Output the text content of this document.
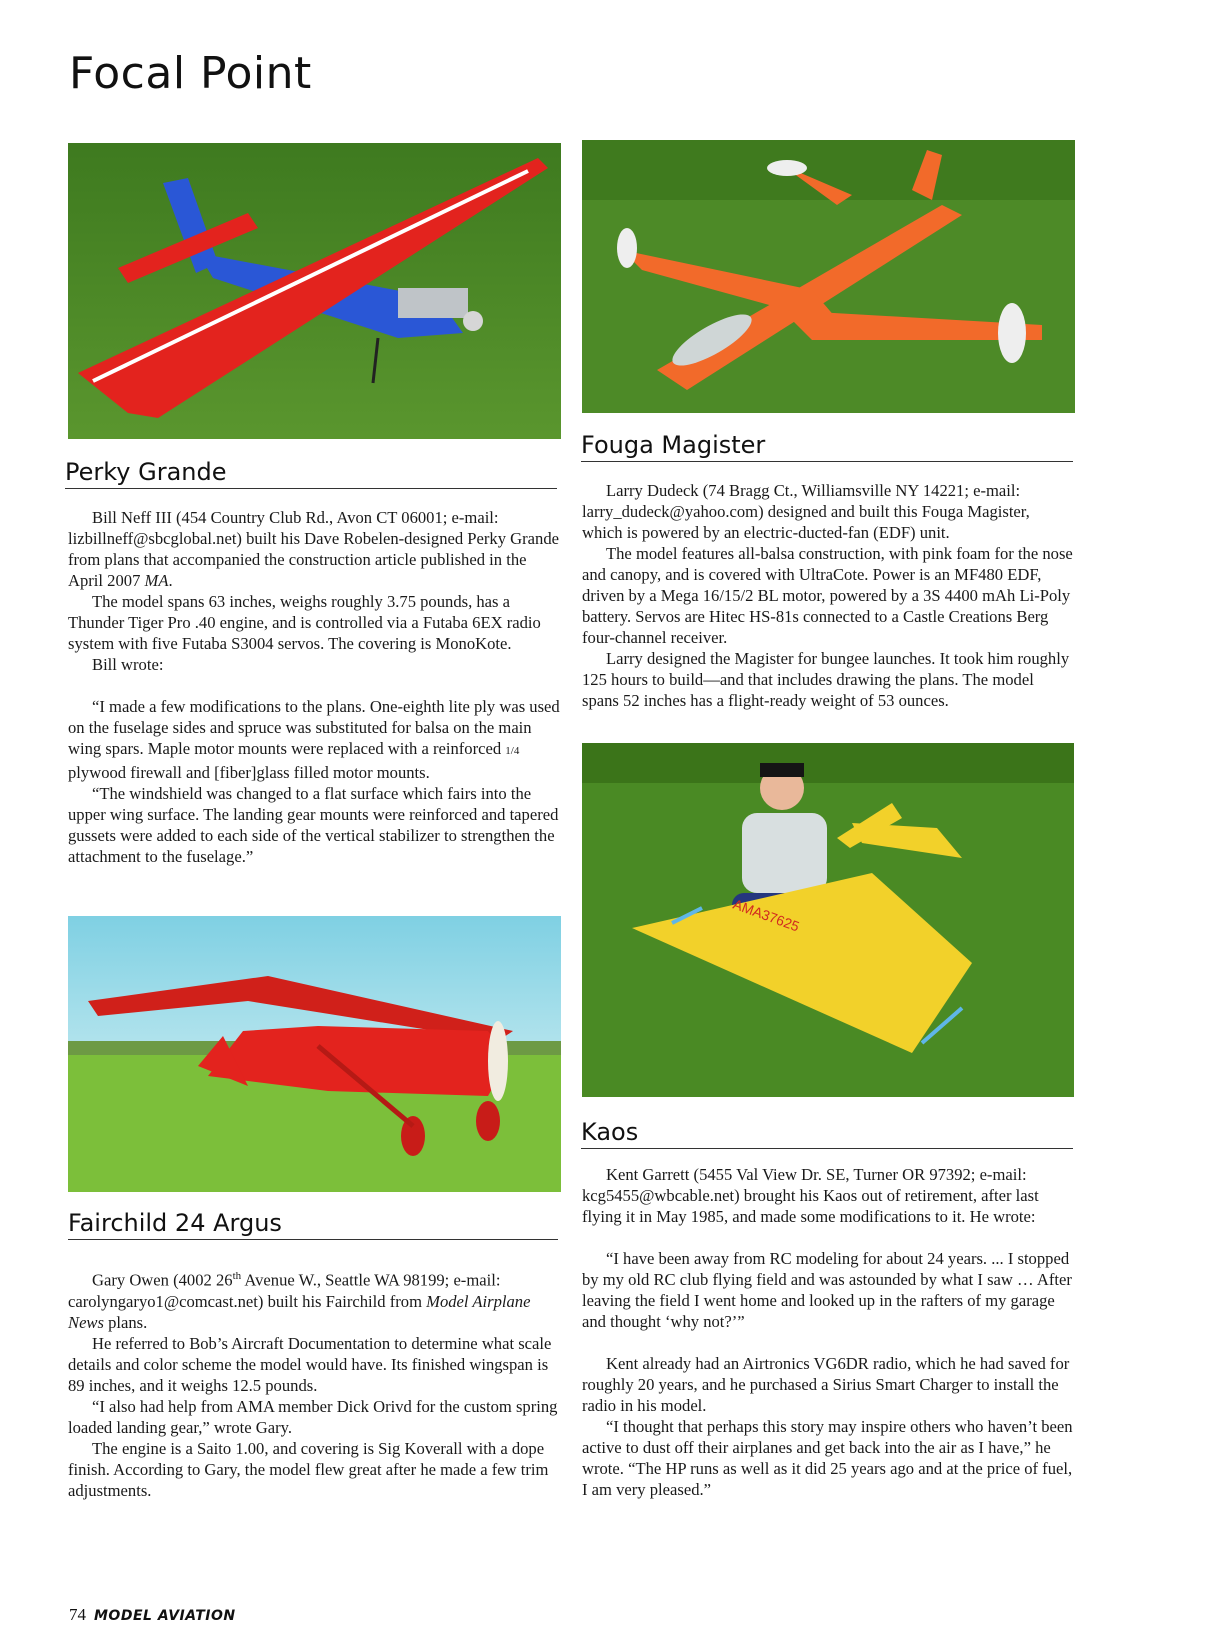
Focal Point
Perky Grande

Bill Neff III (454 Country Club Rd., Avon CT 06001; e-mail: lizbillneff@sbcglobal.net) built his Dave Robelen-designed Perky Grande from plans that accompanied the construction article published in the April 2007 MA.

The model spans 63 inches, weighs roughly 3.75 pounds, has a Thunder Tiger Pro .40 engine, and is controlled via a Futaba 6EX radio system with five Futaba S3004 servos. The covering is MonoKote.

Bill wrote:

“I made a few modifications to the plans. One-eighth lite ply was used on the fuselage sides and spruce was substituted for balsa on the main wing spars. Maple motor mounts were replaced with a reinforced 1/4 plywood firewall and [fiber]glass filled motor mounts.

“The windshield was changed to a flat surface which fairs into the upper wing surface. The landing gear mounts were reinforced and tapered gussets were added to each side of the vertical stabilizer to strengthen the attachment to the fuselage.”

Fairchild 24 Argus

Gary Owen (4002 26th Avenue W., Seattle WA 98199; e-mail: carolyngaryo1@comcast.net) built his Fairchild from Model Airplane News plans.

He referred to Bob’s Aircraft Documentation to determine what scale details and color scheme the model would have. Its finished wingspan is 89 inches, and it weighs 12.5 pounds.

“I also had help from AMA member Dick Orivd for the custom spring loaded landing gear,” wrote Gary.

The engine is a Saito 1.00, and covering is Sig Koverall with a dope finish. According to Gary, the model flew great after he made a few trim adjustments.

Fouga Magister

Larry Dudeck (74 Bragg Ct., Williamsville NY 14221; e-mail: larry_dudeck@yahoo.com) designed and built this Fouga Magister, which is powered by an electric-ducted-fan (EDF) unit.

The model features all-balsa construction, with pink foam for the nose and canopy, and is covered with UltraCote. Power is an MF480 EDF, driven by a Mega 16/15/2 BL motor, powered by a 3S 4400 mAh Li-Poly battery. Servos are Hitec HS-81s connected to a Castle Creations Berg four-channel receiver.

Larry designed the Magister for bungee launches. It took him roughly 125 hours to build—and that includes drawing the plans. The model spans 52 inches has a flight-ready weight of 53 ounces.

AMA37625
Kaos

Kent Garrett (5455 Val View Dr. SE, Turner OR 97392; e-mail: kcg5455@wbcable.net) brought his Kaos out of retirement, after last flying it in May 1985, and made some modifications to it. He wrote:

“I have been away from RC modeling for about 24 years. ... I stopped by my old RC club flying field and was astounded by what I saw … After leaving the field I went home and looked up in the rafters of my garage and thought ‘why not?’”

Kent already had an Airtronics VG6DR radio, which he had saved for roughly 20 years, and he purchased a Sirius Smart Charger to install the radio in his model.

“I thought that perhaps this story may inspire others who haven’t been active to dust off their airplanes and get back into the air as I have,” he wrote. “The HP runs as well as it did 25 years ago and at the price of fuel, I am very pleased.”

74 MODEL AVIATION
